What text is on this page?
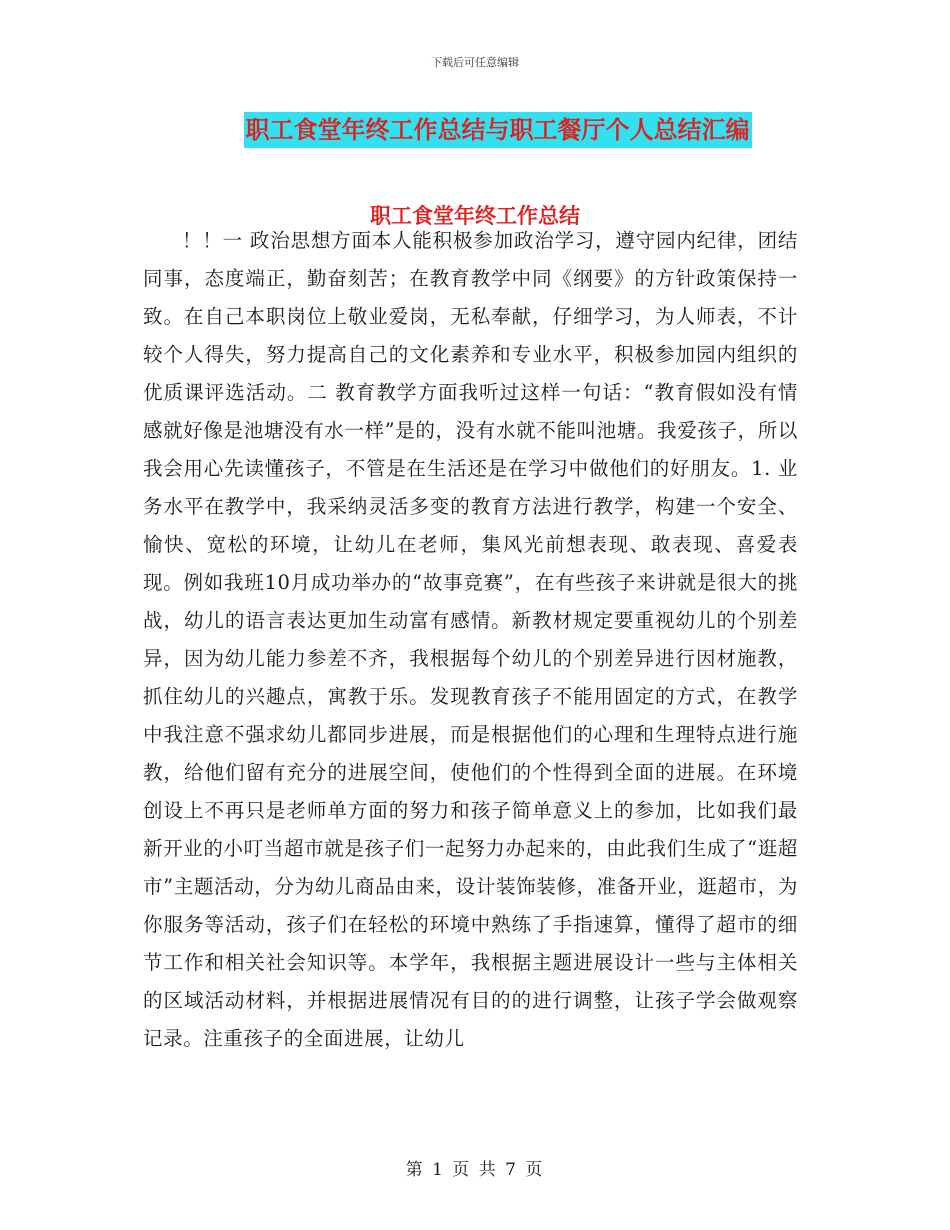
下载后可任意编辑
职工食堂年终工作总结与职工餐厅个人总结汇编
职工食堂年终工作总结

！！一 政治思想方面本人能积极参加政治学习，遵守园内纪律，团结同事，态度端正，勤奋刻苦；在教育教学中同《纲要》的方针政策保持一致。在自己本职岗位上敬业爱岗，无私奉献，仔细学习，为人师表，不计较个人得失，努力提高自己的文化素养和专业水平，积极参加园内组织的优质课评选活动。二 教育教学方面我听过这样一句话：“教育假如没有情感就好像是池塘没有水一样”是的，没有水就不能叫池塘。我爱孩子，所以我会用心先读懂孩子，不管是在生活还是在学习中做他们的好朋友。1. 业务水平在教学中，我采纳灵活多变的教育方法进行教学，构建一个安全、愉快、宽松的环境，让幼儿在老师，集风光前想表现、敢表现、喜爱表现。例如我班10月成功举办的“故事竞赛”，在有些孩子来讲就是很大的挑战，幼儿的语言表达更加生动富有感情。新教材规定要重视幼儿的个别差异，因为幼儿能力参差不齐，我根据每个幼儿的个别差异进行因材施教，抓住幼儿的兴趣点，寓教于乐。发现教育孩子不能用固定的方式，在教学中我注意不强求幼儿都同步进展，而是根据他们的心理和生理特点进行施教，给他们留有充分的进展空间，使他们的个性得到全面的进展。在环境创设上不再只是老师单方面的努力和孩子简单意义上的参加，比如我们最新开业的小叮当超市就是孩子们一起努力办起来的，由此我们生成了“逛超市”主题活动，分为幼儿商品由来，设计装饰装修，准备开业，逛超市，为你服务等活动，孩子们在轻松的环境中熟练了手指速算，懂得了超市的细节工作和相关社会知识等。本学年，我根据主题进展设计一些与主体相关的区域活动材料，并根据进展情况有目的的进行调整，让孩子学会做观察记录。注重孩子的全面进展，让幼儿

第 1 页 共 7 页
